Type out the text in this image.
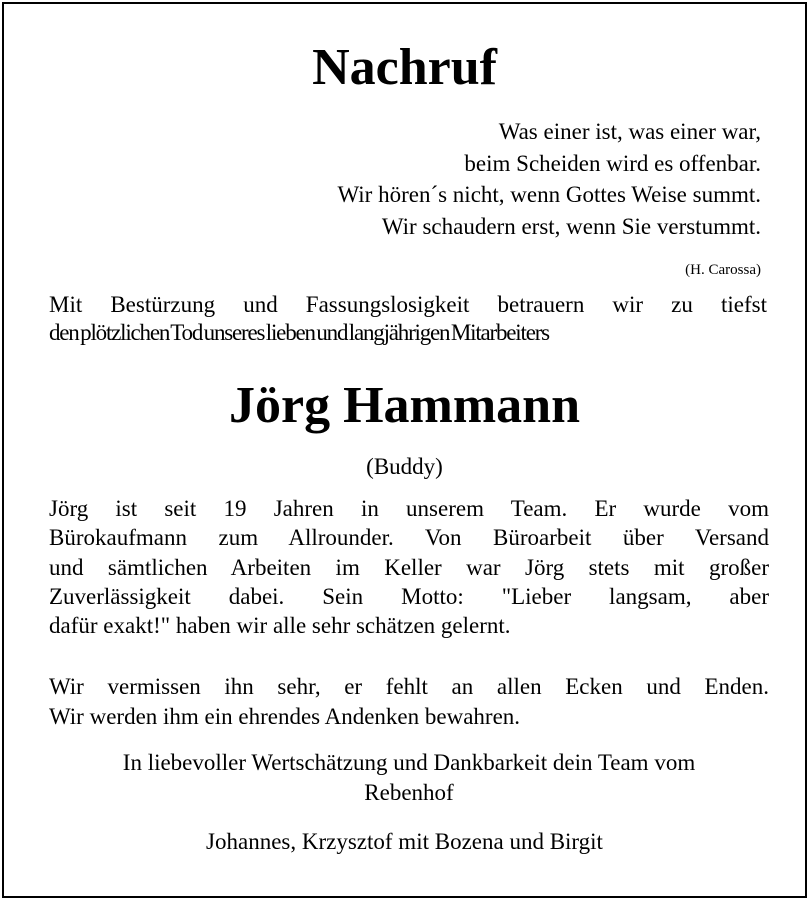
Nachruf
Was einer ist, was einer war,
beim Scheiden wird es offenbar.
Wir hören´s nicht, wenn Gottes Weise summt.
Wir schaudern erst, wenn Sie verstummt.
(H. Carossa)
Mit Bestürzung und Fassungslosigkeit betrauern wir zu tiefst
den plötzlichen Tod unseres lieben und langjährigen Mitarbeiters
Jörg Hammann
(Buddy)
Jörg ist seit 19 Jahren in unserem Team. Er wurde vom
Bürokaufmann zum Allrounder. Von Büroarbeit über Versand
und sämtlichen Arbeiten im Keller war Jörg stets mit großer
Zuverlässigkeit dabei. Sein Motto: "Lieber langsam, aber
dafür exakt!" haben wir alle sehr schätzen gelernt.
Wir vermissen ihn sehr, er fehlt an allen Ecken und Enden.
Wir werden ihm ein ehrendes Andenken bewahren.
In liebevoller Wertschätzung und Dankbarkeit dein Team vom
Rebenhof
Johannes, Krzysztof mit Bozena und Birgit
